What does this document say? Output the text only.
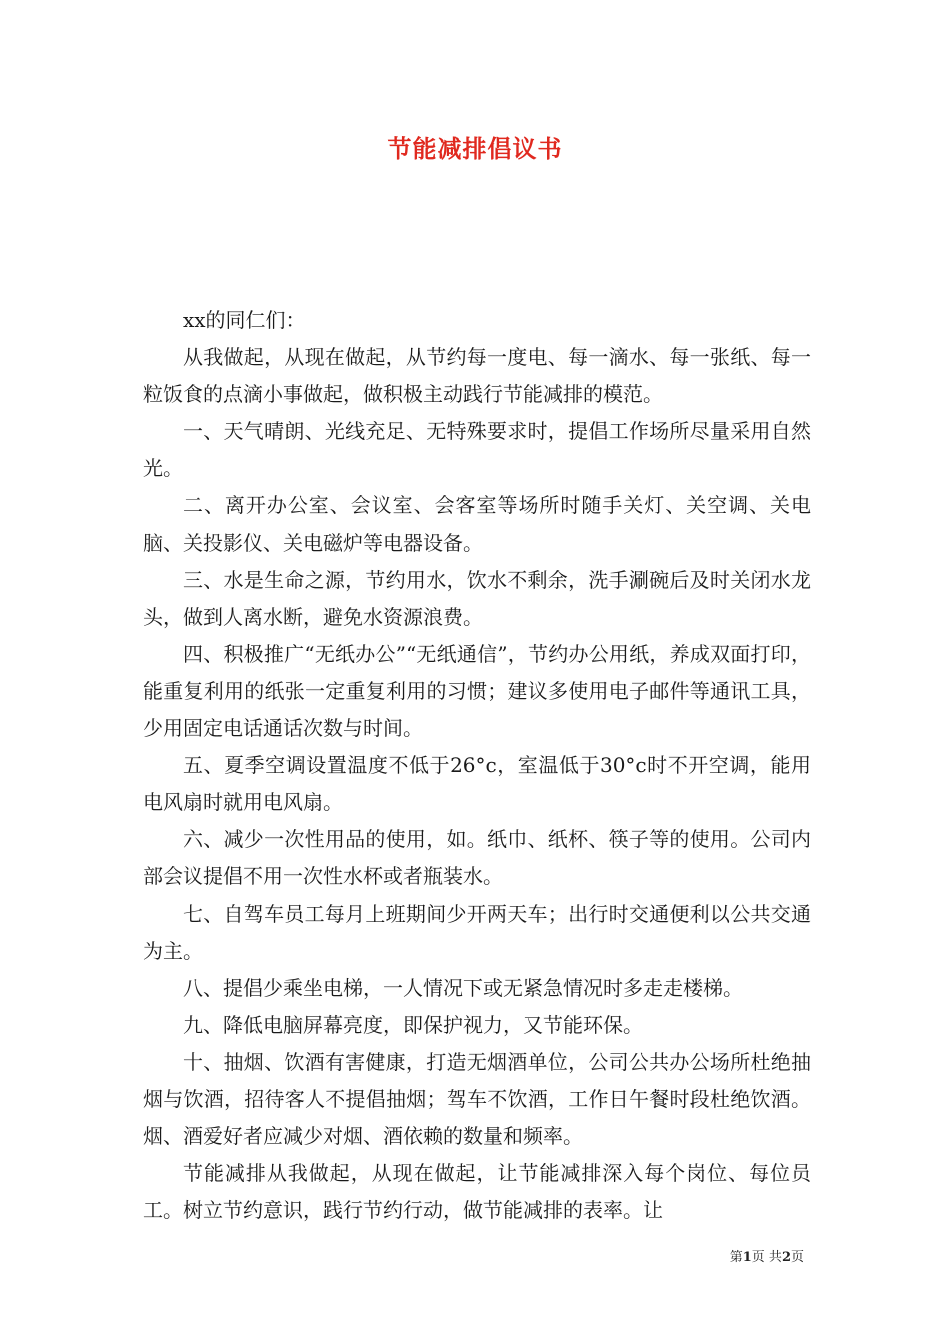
节能减排倡议书

xx的同仁们：

从我做起，从现在做起，从节约每一度电、每一滴水、每一张纸、每一粒饭食的点滴小事做起，做积极主动践行节能减排的模范。

一、天气晴朗、光线充足、无特殊要求时，提倡工作场所尽量采用自然光。

二、离开办公室、会议室、会客室等场所时随手关灯、关空调、关电脑、关投影仪、关电磁炉等电器设备。

三、水是生命之源，节约用水，饮水不剩余，洗手涮碗后及时关闭水龙头，做到人离水断，避免水资源浪费。

四、积极推广“无纸办公”“无纸通信”，节约办公用纸，养成双面打印，能重复利用的纸张一定重复利用的习惯；建议多使用电子邮件等通讯工具，少用固定电话通话次数与时间。

五、夏季空调设置温度不低于26°c，室温低于30°c时不开空调，能用电风扇时就用电风扇。

六、减少一次性用品的使用，如。纸巾、纸杯、筷子等的使用。公司内部会议提倡不用一次性水杯或者瓶装水。

七、自驾车员工每月上班期间少开两天车；出行时交通便利以公共交通为主。

八、提倡少乘坐电梯，一人情况下或无紧急情况时多走走楼梯。

九、降低电脑屏幕亮度，即保护视力，又节能环保。

十、抽烟、饮酒有害健康，打造无烟酒单位，公司公共办公场所杜绝抽烟与饮酒，招待客人不提倡抽烟；驾车不饮酒，工作日午餐时段杜绝饮酒。烟、酒爱好者应减少对烟、酒依赖的数量和频率。

节能减排从我做起，从现在做起，让节能减排深入每个岗位、每位员工。树立节约意识，践行节约行动，做节能减排的表率。让

第1页 共2页
